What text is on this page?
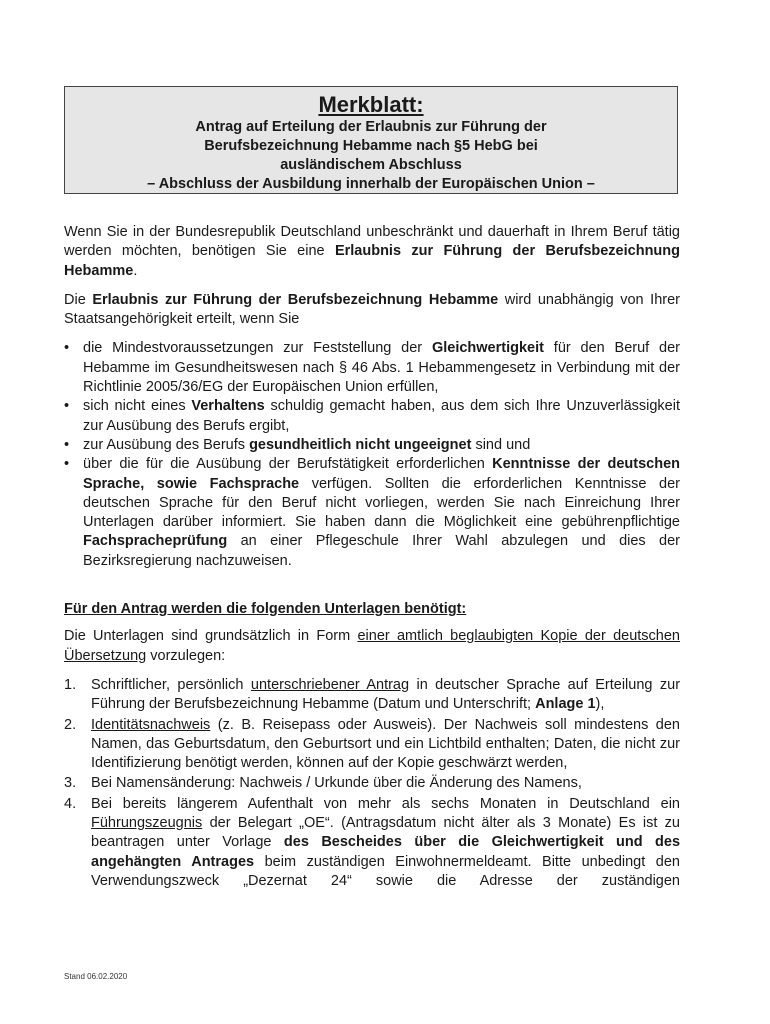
Merkblatt:
Antrag auf Erteilung der Erlaubnis zur Führung der
Berufsbezeichnung Hebamme nach §5 HebG bei
ausländischem Abschluss
– Abschluss der Ausbildung innerhalb der Europäischen Union –

Wenn Sie in der Bundesrepublik Deutschland unbeschränkt und dauerhaft in Ihrem Beruf tätig werden möchten, benötigen Sie eine Erlaubnis zur Führung der Berufsbezeichnung Hebamme.

Die Erlaubnis zur Führung der Berufsbezeichnung Hebamme wird unabhängig von Ihrer Staatsangehörigkeit erteilt, wenn Sie

• die Mindestvoraussetzungen zur Feststellung der Gleichwertigkeit für den Beruf der Hebamme im Gesundheitswesen nach § 46 Abs. 1 Hebammengesetz in Verbindung mit der Richtlinie 2005/36/EG der Europäischen Union erfüllen,
• sich nicht eines Verhaltens schuldig gemacht haben, aus dem sich Ihre Unzuverlässigkeit zur Ausübung des Berufs ergibt,
• zur Ausübung des Berufs gesundheitlich nicht ungeeignet sind und
• über die für die Ausübung der Berufstätigkeit erforderlichen Kenntnisse der deutschen Sprache, sowie Fachsprache verfügen. Sollten die erforderlichen Kenntnisse der deutschen Sprache für den Beruf nicht vorliegen, werden Sie nach Einreichung Ihrer Unterlagen darüber informiert. Sie haben dann die Möglichkeit eine gebührenpflichtige Fachspracheprüfung an einer Pflegeschule Ihrer Wahl abzulegen und dies der Bezirksregierung nachzuweisen.
Für den Antrag werden die folgenden Unterlagen benötigt:

Die Unterlagen sind grundsätzlich in Form einer amtlich beglaubigten Kopie der deutschen Übersetzung vorzulegen:

1. Schriftlicher, persönlich unterschriebener Antrag in deutscher Sprache auf Erteilung zur Führung der Berufsbezeichnung Hebamme (Datum und Unterschrift; Anlage 1),
2. Identitätsnachweis (z. B. Reisepass oder Ausweis). Der Nachweis soll mindestens den Namen, das Geburtsdatum, den Geburtsort und ein Lichtbild enthalten; Daten, die nicht zur Identifizierung benötigt werden, können auf der Kopie geschwärzt werden,
3. Bei Namensänderung: Nachweis / Urkunde über die Änderung des Namens,
4. Bei bereits längerem Aufenthalt von mehr als sechs Monaten in Deutschland ein Führungszeugnis der Belegart „OE“. (Antragsdatum nicht älter als 3 Monate) Es ist zu beantragen unter Vorlage des Bescheides über die Gleichwertigkeit und des angehängten Antrages beim zuständigen Einwohnermeldeamt. Bitte unbedingt den Verwendungszweck „Dezernat 24“ sowie die Adresse der zuständigen
Stand 06.02.2020
